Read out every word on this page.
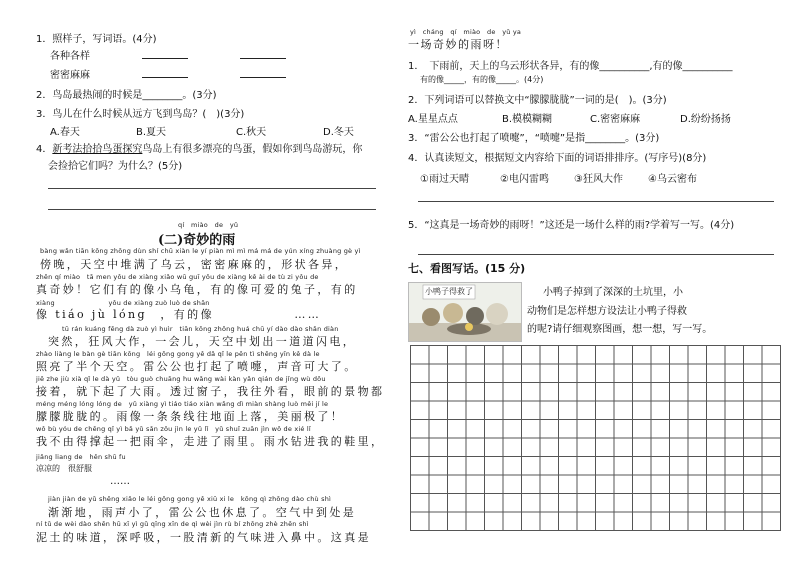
1．照样子，写词语。(4分)
各种各样
密密麻麻
2．鸟岛最热闹的时候是________。(3分)
3．鸟儿在什么时候从远方飞到鸟岛？(　)(3分)
A.春天	B.夏天	C.秋天	D.冬天
4．新考法拾拾鸟蛋探究鸟岛上有很多漂亮的鸟蛋，假如你到鸟岛游玩，你
会捡拾它们吗？为什么？(5分)
qí　miào　de　yǔ
(二)奇妙的雨
bàng wǎn tiān kōng zhōng dùn shí chū xiàn le yí piàn mì mì má má de yún xíng zhuàng gè yì
傍晚，天空中堆满了乌云，密密麻麻的，形状各异，
zhēn qí miào　tā men yǒu de xiàng xiǎo wū guī yǒu de xiàng kě ài de tù zi yǒu de
真奇妙！它们有的像小乌龟，有的像可爱的兔子，有的
xiàng　　　　　　　　yǒu de xiàng zuò luò de shān
像 tiáo jù lóng　，有的像　　　　　　……
tū rán kuáng fēng dà zuò yì huìr　tiān kōng zhōng huá chū yí dào dào shǎn diàn
突然，狂风大作，一会儿，天空中划出一道道闪电，
zhào liàng le bàn gè tiān kōng　léi gōng gong yě dǎ qǐ le pēn tì shēng yīn kě dà le
照亮了半个天空。雷公公也打起了喷嚏，声音可大了。
jiē zhe jiù xià qǐ le dà yǔ　tòu guò chuāng hu wǎng wài kàn yǎn qián de jǐng wù dōu
接着，就下起了大雨。透过窗子，我往外看，眼前的景物都
méng méng lóng lóng de　yǔ xiàng yì tiáo tiáo xiàn wǎng dì miàn shàng luò měi jí le
朦朦胧胧的。雨像一条条线往地面上落，美丽极了！
wǒ bù yóu de chēng qǐ yì bǎ yǔ sǎn zǒu jìn le yǔ lǐ　yǔ shuǐ zuān jìn wǒ de xié lǐ
我不由得撑起一把雨伞，走进了雨里。雨水钻进我的鞋里，
jiǎng liang de　hěn shū fu
凉凉的　很舒服
……
jiàn jiàn de yǔ shēng xiǎo le léi gōng gong yě xiū xi le　kōng qì zhōng dào chù shì
渐渐地，雨声小了，雷公公也休息了。空气中到处是
ní tǔ de wèi dào shēn hū xī yì gǔ qīng xīn de qì wèi jìn rù bí zhōng zhè zhēn shì
泥土的味道，深呼吸，一股清新的气味进入鼻中。这真是
yì　cháng　qí　miào　de　yǔ ya
一场奇妙的雨呀！
1．　下雨前，天上的乌云形状各异，有的像__________,有的像__________
有的像_____，有的像_____。(4分)
2．下列词语可以替换文中“朦朦胧胧”一词的是(　)。(3分)
A.星星点点	B.模模糊糊	C.密密麻麻	D.纷纷扬扬
3．“雷公公也打起了喷嚏”，“喷嚏”是指________。(3分)
4．认真读短文，根据短文内容给下面的词语排排序。(写序号)(8分)
①雨过天晴	②电闪雷鸣	③狂风大作	④乌云密布
5．“这真是一场奇妙的雨呀！”这还是一场什么样的雨?学着写一写。(4分)
七、看图写话。(15 分)
小鸭子得救了	小鸭子掉到了深深的土坑里，小
动物们是怎样想方设法让小鸭子得救
的呢?请仔细观察图画，想一想，写一写。
